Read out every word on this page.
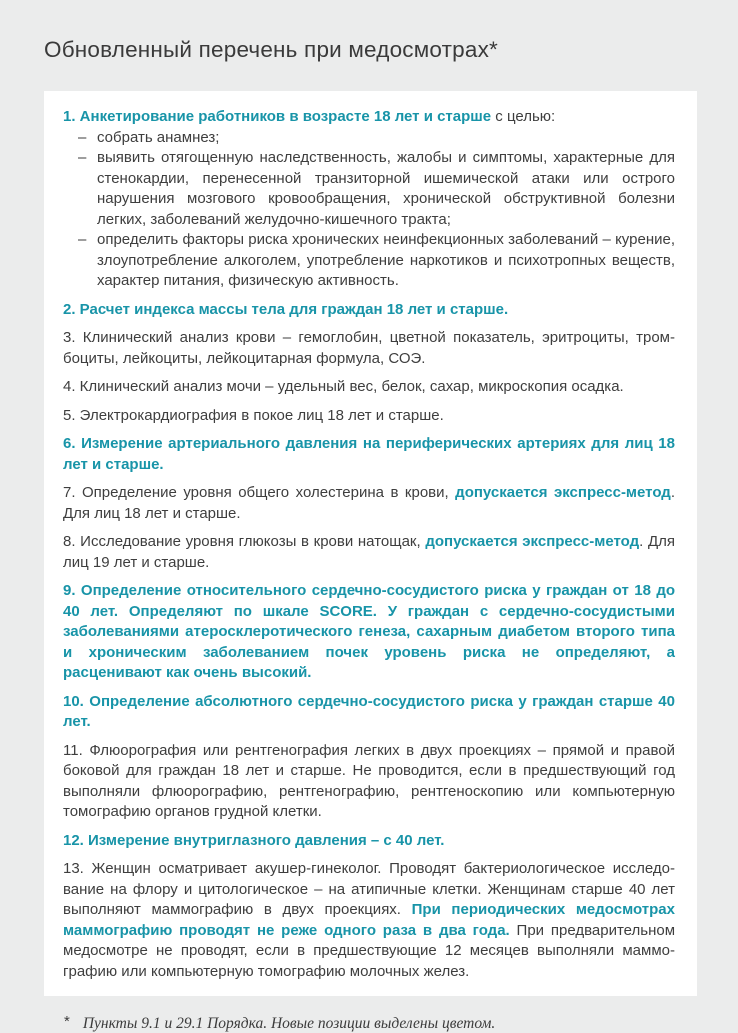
Обновленный перечень при медосмотрах*

1. Анкетирование работников в возрасте 18 лет и старше с целью:

– собрать анамнез;
– выявить отягощенную наследственность, жалобы и симптомы, характерные для стенокардии, перенесенной транзиторной ишемической атаки или острого нарушения мозгового кровообращения, хронической обструктивной болезни легких, заболеваний желудочно-кишечного тракта;
– определить факторы риска хронических неинфекционных заболеваний – курение, злоупотребление алкоголем, употребление наркотиков и психотропных веществ, характер питания, физическую активность.

2. Расчет индекса массы тела для граждан 18 лет и старше.

3. Клинический анализ крови – гемоглобин, цветной показатель, эритроциты, тромбоциты, лейкоциты, лейкоцитарная формула, СОЭ.

4. Клинический анализ мочи – удельный вес, белок, сахар, микроскопия осадка.

5. Электрокардиография в покое лиц 18 лет и старше.

6. Измерение артериального давления на периферических артериях для лиц 18 лет и старше.

7. Определение уровня общего холестерина в крови, допускается экспресс-метод. Для лиц 18 лет и старше.

8. Исследование уровня глюкозы в крови натощак, допускается экспресс-метод. Для лиц 19 лет и старше.

9. Определение относительного сердечно-сосудистого риска у граждан от 18 до 40 лет. Определяют по шкале SCORE. У граждан с сердечно-сосудистыми заболеваниями атеросклеротического генеза, сахарным диабетом второго типа и хроническим заболеванием почек уровень риска не определяют, а расценивают как очень высокий.

10. Определение абсолютного сердечно-сосудистого риска у граждан старше 40 лет.

11. Флюорография или рентгенография легких в двух проекциях – прямой и правой боковой для граждан 18 лет и старше. Не проводится, если в предшествующий год выполняли флюорографию, рентгенографию, рентгеноскопию или компьютерную томографию органов грудной клетки.

12. Измерение внутриглазного давления – с 40 лет.

13. Женщин осматривает акушер-гинеколог. Проводят бактериологическое исследование на флору и цитологическое – на атипичные клетки. Женщинам старше 40 лет выполняют маммографию в двух проекциях. При периодических медосмотрах маммографию проводят не реже одного раза в два года. При предварительном медосмотре не проводят, если в предшествующие 12 месяцев выполняли маммографию или компьютерную томографию молочных желез.

* Пункты 9.1 и 29.1 Порядка. Новые позиции выделены цветом.
